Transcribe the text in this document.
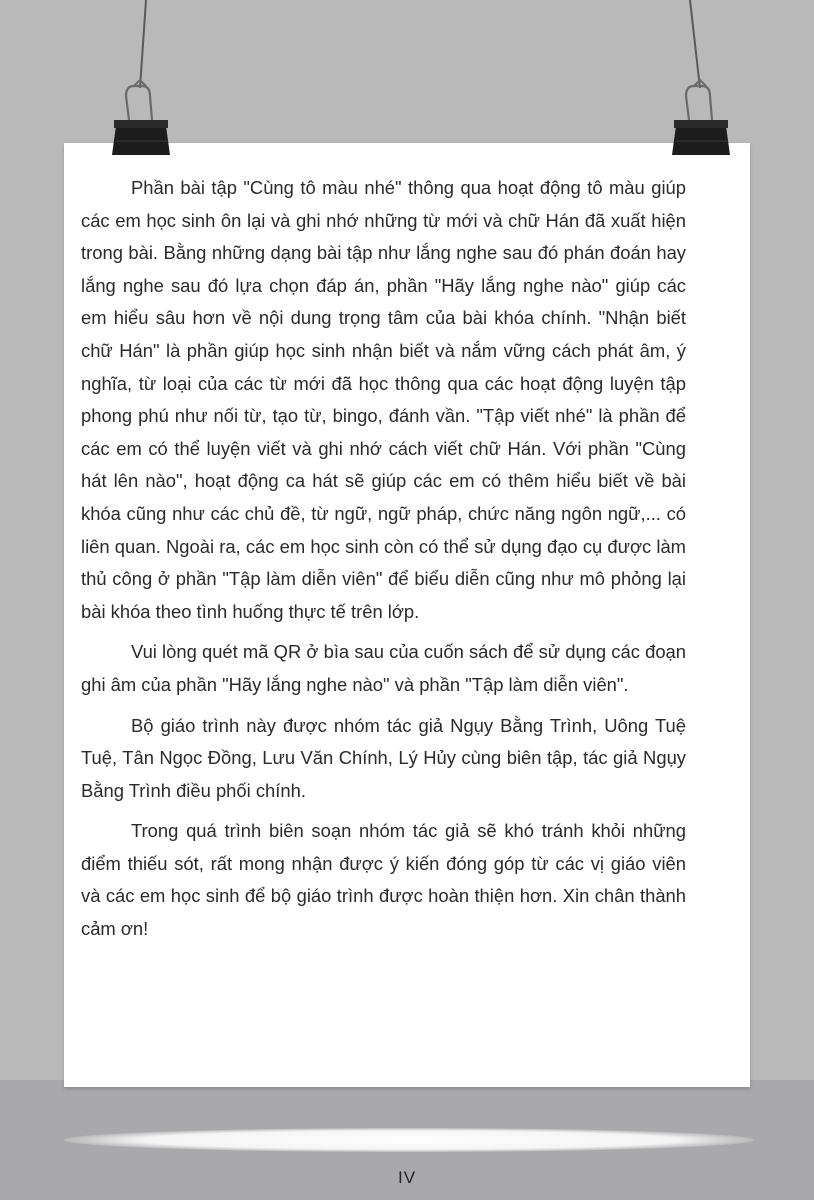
Phần bài tập "Cùng tô màu nhé" thông qua hoạt động tô màu giúp các em học sinh ôn lại và ghi nhớ những từ mới và chữ Hán đã xuất hiện trong bài. Bằng những dạng bài tập như lắng nghe sau đó phán đoán hay lắng nghe sau đó lựa chọn đáp án, phần "Hãy lắng nghe nào" giúp các em hiểu sâu hơn về nội dung trọng tâm của bài khóa chính. "Nhận biết chữ Hán" là phần giúp học sinh nhận biết và nắm vững cách phát âm, ý nghĩa, từ loại của các từ mới đã học thông qua các hoạt động luyện tập phong phú như nối từ, tạo từ, bingo, đánh vần. "Tập viết nhé" là phần để các em có thể luyện viết và ghi nhớ cách viết chữ Hán. Với phần "Cùng hát lên nào", hoạt động ca hát sẽ giúp các em có thêm hiểu biết về bài khóa cũng như các chủ đề, từ ngữ, ngữ pháp, chức năng ngôn ngữ,... có liên quan. Ngoài ra, các em học sinh còn có thể sử dụng đạo cụ được làm thủ công ở phần "Tập làm diễn viên" để biểu diễn cũng như mô phỏng lại bài khóa theo tình huống thực tế trên lớp.

Vui lòng quét mã QR ở bìa sau của cuốn sách để sử dụng các đoạn ghi âm của phần "Hãy lắng nghe nào" và phần "Tập làm diễn viên".

Bộ giáo trình này được nhóm tác giả Ngụy Bằng Trình, Uông Tuệ Tuệ, Tân Ngọc Đồng, Lưu Văn Chính, Lý Hủy cùng biên tập, tác giả Ngụy Bằng Trình điều phối chính.

Trong quá trình biên soạn nhóm tác giả sẽ khó tránh khỏi những điểm thiếu sót, rất mong nhận được ý kiến đóng góp từ các vị giáo viên và các em học sinh để bộ giáo trình được hoàn thiện hơn. Xin chân thành cảm ơn!

IV
